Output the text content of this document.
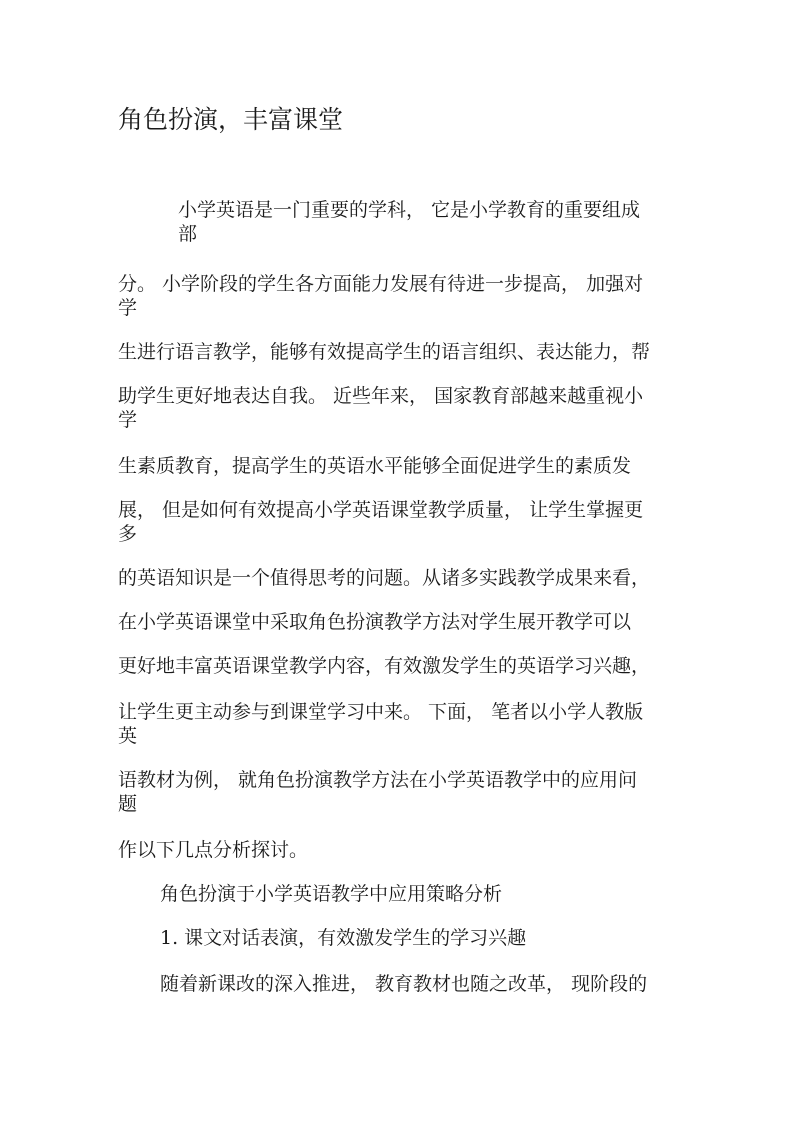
角色扮演，丰富课堂
小学英语是一门重要的学科， 它是小学教育的重要组成
部
分。 小学阶段的学生各方面能力发展有待进一步提高， 加强对
学
生进行语言教学，能够有效提高学生的语言组织、表达能力，帮
助学生更好地表达自我。 近些年来， 国家教育部越来越重视小
学
生素质教育，提高学生的英语水平能够全面促进学生的素质发
展， 但是如何有效提高小学英语课堂教学质量， 让学生掌握更
多
的英语知识是一个值得思考的问题。从诸多实践教学成果来看，
在小学英语课堂中采取角色扮演教学方法对学生展开教学可以
更好地丰富英语课堂教学内容，有效激发学生的英语学习兴趣，
让学生更主动参与到课堂学习中来。 下面， 笔者以小学人教版
英
语教材为例， 就角色扮演教学方法在小学英语教学中的应用问
题
作以下几点分析探讨。
角色扮演于小学英语教学中应用策略分析
1. 课文对话表演，有效激发学生的学习兴趣
随着新课改的深入推进， 教育教材也随之改革， 现阶段的
